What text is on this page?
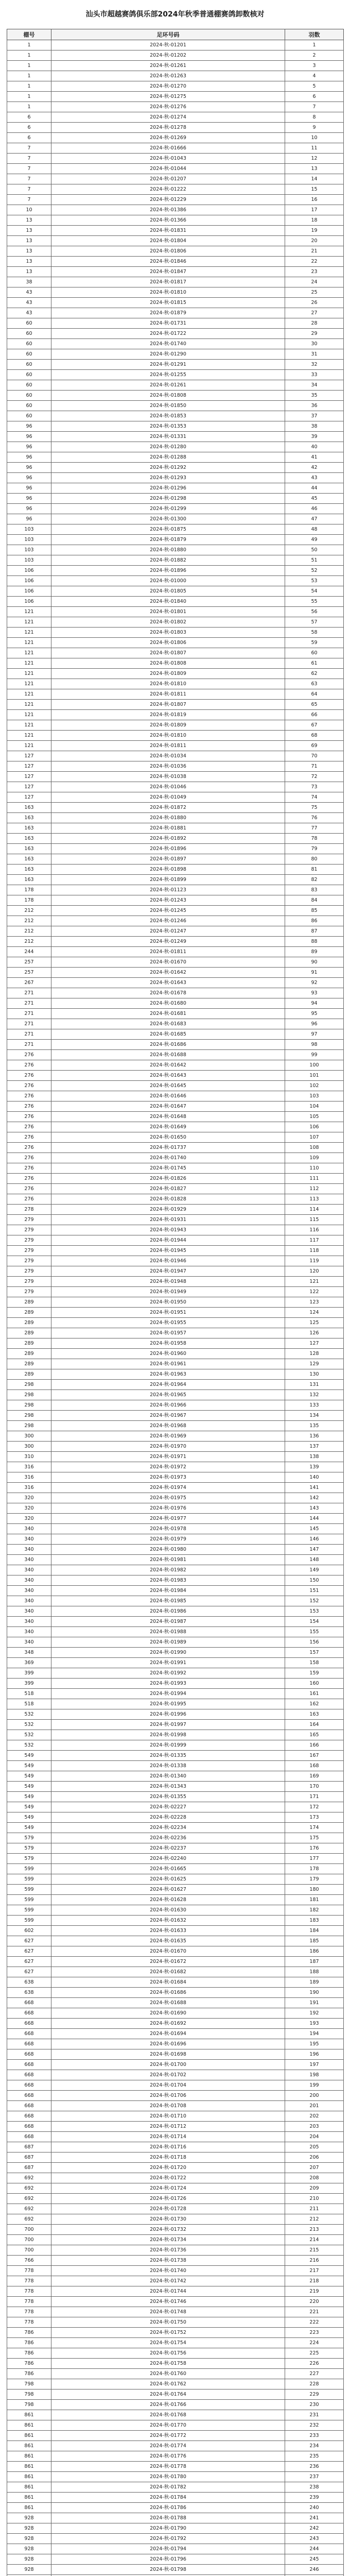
汕头市超越赛鸽俱乐部2024年秋季普通棚赛鸽卸数核对
棚号	足环号码	羽数
1	2024-秋-01201	1
1	2024-秋-01202	2
1	2024-秋-01261	3
1	2024-秋-01263	4
1	2024-秋-01270	5
1	2024-秋-01275	6
1	2024-秋-01276	7
6	2024-秋-01274	8
6	2024-秋-01278	9
6	2024-秋-01269	10
7	2024-秋-01666	11
7	2024-秋-01043	12
7	2024-秋-01044	13
7	2024-秋-01207	14
7	2024-秋-01222	15
7	2024-秋-01229	16
10	2024-秋-01386	17
13	2024-秋-01366	18
13	2024-秋-01831	19
13	2024-秋-01804	20
13	2024-秋-01806	21
13	2024-秋-01846	22
13	2024-秋-01847	23
38	2024-秋-01817	24
43	2024-秋-01810	25
43	2024-秋-01815	26
43	2024-秋-01879	27
60	2024-秋-01731	28
60	2024-秋-01722	29
60	2024-秋-01740	30
60	2024-秋-01290	31
60	2024-秋-01291	32
60	2024-秋-01255	33
60	2024-秋-01261	34
60	2024-秋-01808	35
60	2024-秋-01850	36
60	2024-秋-01853	37
96	2024-秋-01353	38
96	2024-秋-01331	39
96	2024-秋-01280	40
96	2024-秋-01288	41
96	2024-秋-01292	42
96	2024-秋-01293	43
96	2024-秋-01296	44
96	2024-秋-01298	45
96	2024-秋-01299	46
96	2024-秋-01300	47
103	2024-秋-01875	48
103	2024-秋-01879	49
103	2024-秋-01880	50
103	2024-秋-01882	51
106	2024-秋-01896	52
106	2024-秋-01000	53
106	2024-秋-01805	54
106	2024-秋-01840	55
121	2024-秋-01801	56
121	2024-秋-01802	57
121	2024-秋-01803	58
121	2024-秋-01806	59
121	2024-秋-01807	60
121	2024-秋-01808	61
121	2024-秋-01809	62
121	2024-秋-01810	63
121	2024-秋-01811	64
121	2024-秋-01807	65
121	2024-秋-01819	66
121	2024-秋-01809	67
121	2024-秋-01810	68
121	2024-秋-01811	69
127	2024-秋-01034	70
127	2024-秋-01036	71
127	2024-秋-01038	72
127	2024-秋-01046	73
127	2024-秋-01049	74
163	2024-秋-01872	75
163	2024-秋-01880	76
163	2024-秋-01881	77
163	2024-秋-01892	78
163	2024-秋-01896	79
163	2024-秋-01897	80
163	2024-秋-01898	81
163	2024-秋-01899	82
178	2024-秋-01123	83
178	2024-秋-01243	84
212	2024-秋-01245	85
212	2024-秋-01246	86
212	2024-秋-01247	87
212	2024-秋-01249	88
244	2024-秋-01811	89
257	2024-秋-01670	90
257	2024-秋-01642	91
267	2024-秋-01643	92
271	2024-秋-01678	93
271	2024-秋-01680	94
271	2024-秋-01681	95
271	2024-秋-01683	96
271	2024-秋-01685	97
271	2024-秋-01686	98
276	2024-秋-01688	99
276	2024-秋-01642	100
276	2024-秋-01643	101
276	2024-秋-01645	102
276	2024-秋-01646	103
276	2024-秋-01647	104
276	2024-秋-01648	105
276	2024-秋-01649	106
276	2024-秋-01650	107
276	2024-秋-01737	108
276	2024-秋-01740	109
276	2024-秋-01745	110
276	2024-秋-01826	111
276	2024-秋-01827	112
276	2024-秋-01828	113
278	2024-秋-01929	114
279	2024-秋-01931	115
279	2024-秋-01943	116
279	2024-秋-01944	117
279	2024-秋-01945	118
279	2024-秋-01946	119
279	2024-秋-01947	120
279	2024-秋-01948	121
279	2024-秋-01949	122
289	2024-秋-01950	123
289	2024-秋-01951	124
289	2024-秋-01955	125
289	2024-秋-01957	126
289	2024-秋-01958	127
289	2024-秋-01960	128
289	2024-秋-01961	129
289	2024-秋-01963	130
298	2024-秋-01964	131
298	2024-秋-01965	132
298	2024-秋-01966	133
298	2024-秋-01967	134
298	2024-秋-01968	135
300	2024-秋-01969	136
300	2024-秋-01970	137
310	2024-秋-01971	138
316	2024-秋-01972	139
316	2024-秋-01973	140
316	2024-秋-01974	141
320	2024-秋-01975	142
320	2024-秋-01976	143
320	2024-秋-01977	144
340	2024-秋-01978	145
340	2024-秋-01979	146
340	2024-秋-01980	147
340	2024-秋-01981	148
340	2024-秋-01982	149
340	2024-秋-01983	150
340	2024-秋-01984	151
340	2024-秋-01985	152
340	2024-秋-01986	153
340	2024-秋-01987	154
340	2024-秋-01988	155
340	2024-秋-01989	156
348	2024-秋-01990	157
369	2024-秋-01991	158
399	2024-秋-01992	159
399	2024-秋-01993	160
518	2024-秋-01994	161
518	2024-秋-01995	162
532	2024-秋-01996	163
532	2024-秋-01997	164
532	2024-秋-01998	165
532	2024-秋-01999	166
549	2024-秋-01335	167
549	2024-秋-01338	168
549	2024-秋-01340	169
549	2024-秋-01343	170
549	2024-秋-01355	171
549	2024-秋-02227	172
549	2024-秋-02228	173
549	2024-秋-02234	174
579	2024-秋-02236	175
579	2024-秋-02237	176
579	2024-秋-02240	177
599	2024-秋-01665	178
599	2024-秋-01625	179
599	2024-秋-01627	180
599	2024-秋-01628	181
599	2024-秋-01630	182
599	2024-秋-01632	183
602	2024-秋-01633	184
627	2024-秋-01635	185
627	2024-秋-01670	186
627	2024-秋-01672	187
627	2024-秋-01682	188
638	2024-秋-01684	189
638	2024-秋-01686	190
668	2024-秋-01688	191
668	2024-秋-01690	192
668	2024-秋-01692	193
668	2024-秋-01694	194
668	2024-秋-01696	195
668	2024-秋-01698	196
668	2024-秋-01700	197
668	2024-秋-01702	198
668	2024-秋-01704	199
668	2024-秋-01706	200
668	2024-秋-01708	201
668	2024-秋-01710	202
668	2024-秋-01712	203
668	2024-秋-01714	204
687	2024-秋-01716	205
687	2024-秋-01718	206
687	2024-秋-01720	207
692	2024-秋-01722	208
692	2024-秋-01724	209
692	2024-秋-01726	210
692	2024-秋-01728	211
692	2024-秋-01730	212
700	2024-秋-01732	213
700	2024-秋-01734	214
700	2024-秋-01736	215
766	2024-秋-01738	216
778	2024-秋-01740	217
778	2024-秋-01742	218
778	2024-秋-01744	219
778	2024-秋-01746	220
778	2024-秋-01748	221
778	2024-秋-01750	222
786	2024-秋-01752	223
786	2024-秋-01754	224
786	2024-秋-01756	225
786	2024-秋-01758	226
786	2024-秋-01760	227
798	2024-秋-01762	228
798	2024-秋-01764	229
798	2024-秋-01766	230
861	2024-秋-01768	231
861	2024-秋-01770	232
861	2024-秋-01772	233
861	2024-秋-01774	234
861	2024-秋-01776	235
861	2024-秋-01778	236
861	2024-秋-01780	237
861	2024-秋-01782	238
861	2024-秋-01784	239
861	2024-秋-01786	240
928	2024-秋-01788	241
928	2024-秋-01790	242
928	2024-秋-01792	243
928	2024-秋-01794	244
928	2024-秋-01796	245
928	2024-秋-01798	246
